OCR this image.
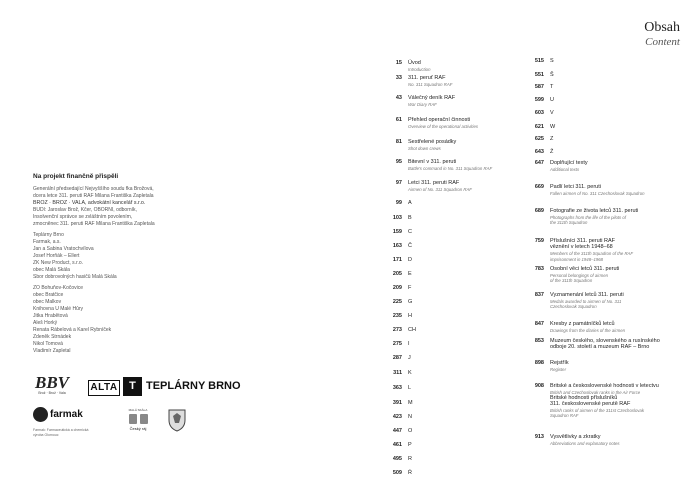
Obsah
Content
Na projekt finančně přispěli
Generální předsedající Nejvyššího soudu fka Brožová,
dcera letce 311. peruti RAF Milana Františka Zapletala
BROŽ · BROŽ · VALA, advokátní kancelář s.r.o.
BUDI: Jaroslav Brož, Kčer, OBORNÍ, odborník,
Insolvenční správce se zvláštním povolením,
zmocněnec 311. peruti RAF Milana Františka Zapletala
Teplárny Brno
Farmak, a.s.
Jan a Sabina Vratochvílova
Josef Horňák – Ellert
ZK New Product, s.r.o.
obec Malá Skála
Sbor dobrovolných hasičů Malá Skála
ZO Bohuňov-Kočovice
obec Bratčice
obec Malkov
Knihovna U Malé Hůry
Jitka Hrabětová
Aleš Horký
Renata Rábelová a Karel Rybníček
Zdeněk Strnádek
Nikol Tomová
Vladimír Zapletal
BBV
Brož · Brož · Vala	ALTA	T TEPLÁRNY BRNO
farmak
Farmak: Farmaceutická a chemická výroba Olomouc
MALÁ SKÁLA
Český ráj
15 Úvod
Introduction
33 311. peruť RAF
No. 311 Squadron RAF
43 Válečný deník RAF
War Diary RAF
61 Přehled operační činnosti
Overview of the operational activities
81 Sestřelené posádky
Shot down crews
95 Bitevní v 311. peruti
Battle's command in No. 311 Squadron RAF
97 Letci 311. peruti RAF
Airmen of No. 311 Squadron RAF
99 A
103 B
159 C
163 Č
171 D
205 E
209 F
225 G
235 H
273 CH
275 I
287 J
311 K
363 L
391 M
423 N
447 O
461 P
495 R
509 Ř
515 S
551 Š
587 T
599 U
603 V
621 W
625 Z
643 Ž
647 Doplňující texty
Additional texts
669 Padlí letci 311. peruti
Fallen airmen of No. 311 Czechoslovak Squadron
689 Fotografie ze života letců 311. peruti
Photographs from the life of the pilots of
the 311th Squadron
759 Příslušníci 311. peruti RAF
věznění v letech 1948–68
Members of the 311th Squadron of the RAF
imprisonment in 1948–1968
783 Osobní věci letců 311. peruti
Personal belongings of airmen
of the 311th Squadron
837 Vyznamenání letců 311. peruti
Medals awarded to airmen of No. 311
Czechoslovak Squadron
847 Kresby z památníčků letců
Drawings from the diaries of the airmen
853 Muzeum českého, slovenského a rusínského
odboje 20. století a muzeum RAF – Brno
898 Rejstřík
Register
908 Britské a československé hodnosti v letectvu
British and Czechoslovak ranks in the Air Force
Britské hodnosti příslušníků
311. československé perutě RAF
British ranks of airmen of the 311st Czechoslovak
Squadron RAF
913 Vysvětlivky a zkratky
Abbreviations and explanatory notes
